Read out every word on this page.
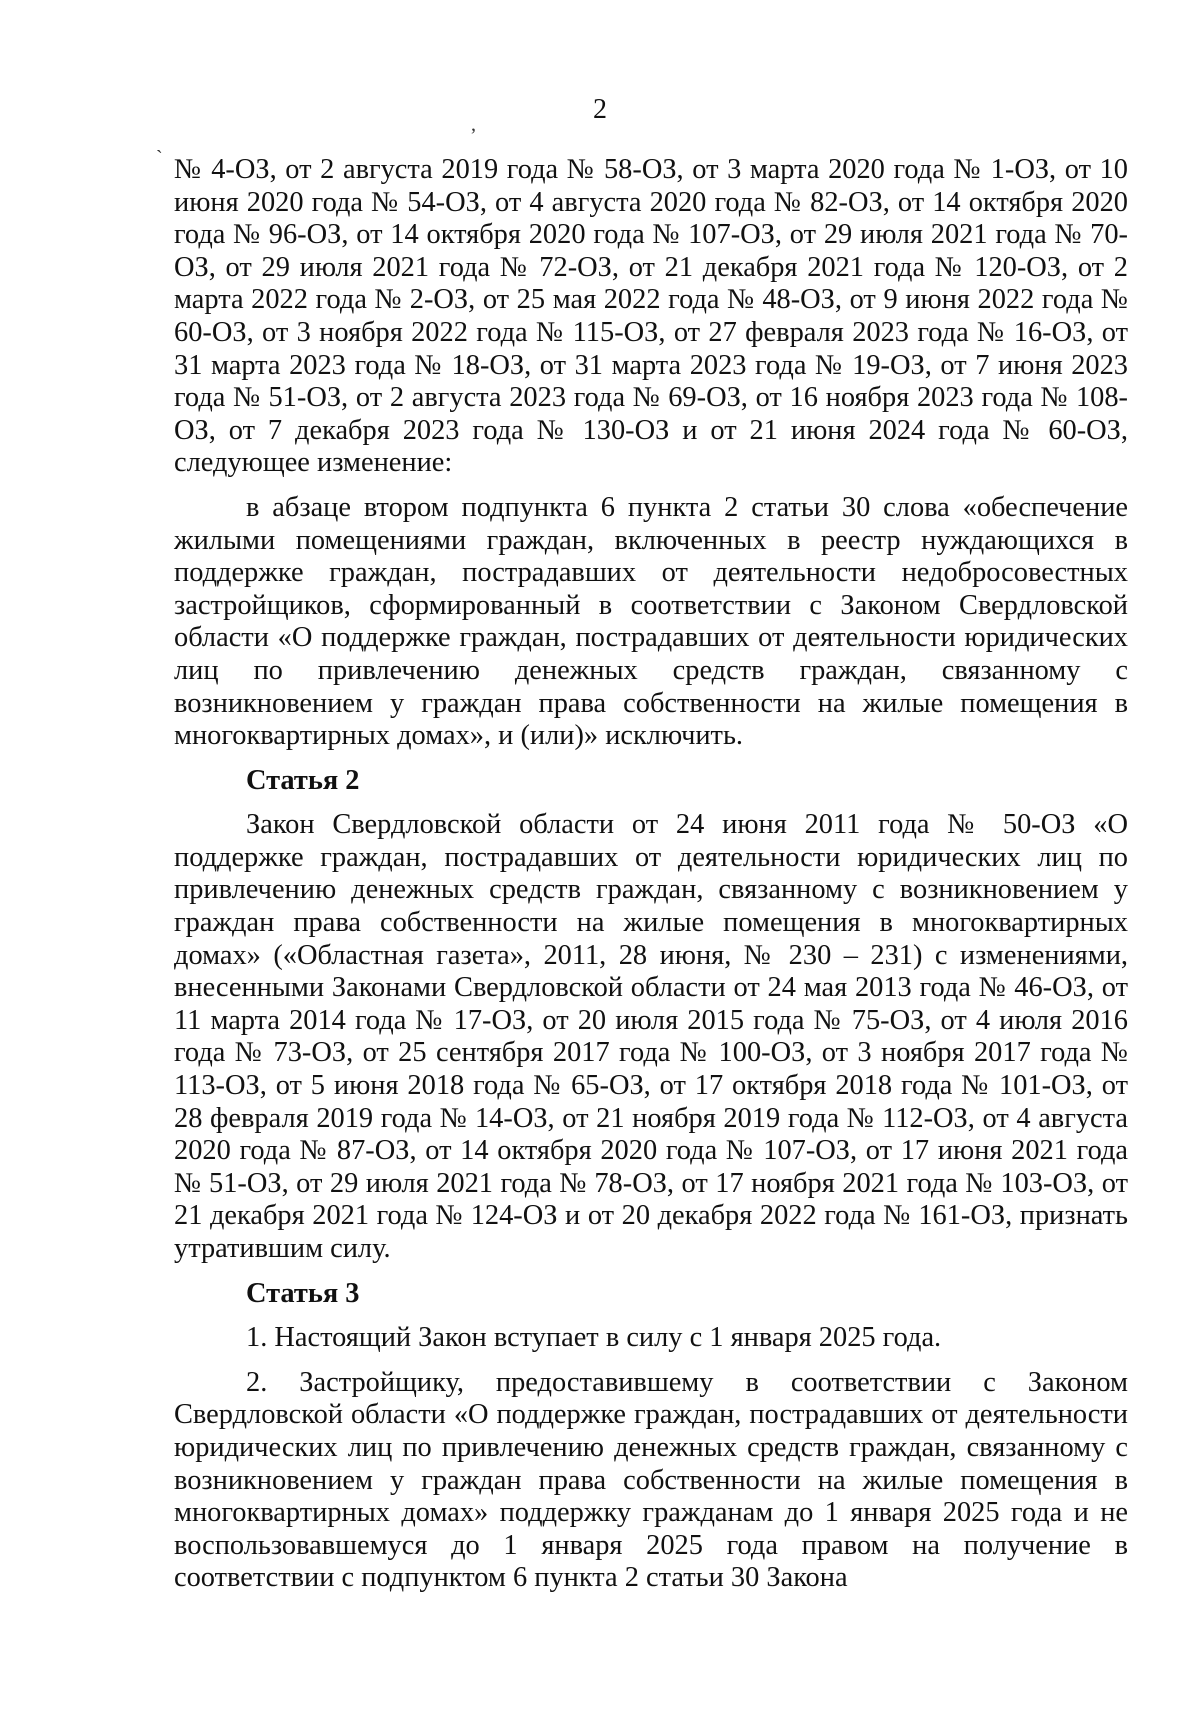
2
ʼ
ˋ № 4-ОЗ, от 2 августа 2019 года № 58-ОЗ, от 3 марта 2020 года № 1-ОЗ, от 10 июня 2020 года № 54-ОЗ, от 4 августа 2020 года № 82-ОЗ, от 14 октября 2020 года № 96-ОЗ, от 14 октября 2020 года № 107-ОЗ, от 29 июля 2021 года № 70-ОЗ, от 29 июля 2021 года № 72-ОЗ, от 21 декабря 2021 года № 120-ОЗ, от 2 марта 2022 года № 2-ОЗ, от 25 мая 2022 года № 48-ОЗ, от 9 июня 2022 года № 60-ОЗ, от 3 ноября 2022 года № 115-ОЗ, от 27 февраля 2023 года № 16-ОЗ, от 31 марта 2023 года № 18-ОЗ, от 31 марта 2023 года № 19-ОЗ, от 7 июня 2023 года № 51-ОЗ, от 2 августа 2023 года № 69-ОЗ, от 16 ноября 2023 года № 108-ОЗ, от 7 декабря 2023 года № 130-ОЗ и от 21 июня 2024 года № 60-ОЗ, следующее изменение:

в абзаце втором подпункта 6 пункта 2 статьи 30 слова «обеспечение жилыми помещениями граждан, включенных в реестр нуждающихся в поддержке граждан, пострадавших от деятельности недобросовестных застройщиков, сформированный в соответствии с Законом Свердловской области «О поддержке граждан, пострадавших от деятельности юридических лиц по привлечению денежных средств граждан, связанному с возникновением у граждан права собственности на жилые помещения в многоквартирных домах», и (или)» исключить.

Статья 2

Закон Свердловской области от 24 июня 2011 года № 50-ОЗ «О поддержке граждан, пострадавших от деятельности юридических лиц по привлечению денежных средств граждан, связанному с возникновением у граждан права собственности на жилые помещения в многоквартирных домах» («Областная газета», 2011, 28 июня, № 230 – 231) с изменениями, внесенными Законами Свердловской области от 24 мая 2013 года № 46-ОЗ, от 11 марта 2014 года № 17-ОЗ, от 20 июля 2015 года № 75-ОЗ, от 4 июля 2016 года № 73-ОЗ, от 25 сентября 2017 года № 100-ОЗ, от 3 ноября 2017 года № 113-ОЗ, от 5 июня 2018 года № 65-ОЗ, от 17 октября 2018 года № 101-ОЗ, от 28 февраля 2019 года № 14-ОЗ, от 21 ноября 2019 года № 112-ОЗ, от 4 августа 2020 года № 87-ОЗ, от 14 октября 2020 года № 107-ОЗ, от 17 июня 2021 года № 51-ОЗ, от 29 июля 2021 года № 78-ОЗ, от 17 ноября 2021 года № 103-ОЗ, от 21 декабря 2021 года № 124-ОЗ и от 20 декабря 2022 года № 161-ОЗ, признать утратившим силу.

Статья 3

1. Настоящий Закон вступает в силу с 1 января 2025 года.

2. Застройщику, предоставившему в соответствии с Законом Свердловской области «О поддержке граждан, пострадавших от деятельности юридических лиц по привлечению денежных средств граждан, связанному с возникновением у граждан права собственности на жилые помещения в многоквартирных домах» поддержку гражданам до 1 января 2025 года и не воспользовавшемуся до 1 января 2025 года правом на получение в соответствии с подпунктом 6 пункта 2 статьи 30 Закона
